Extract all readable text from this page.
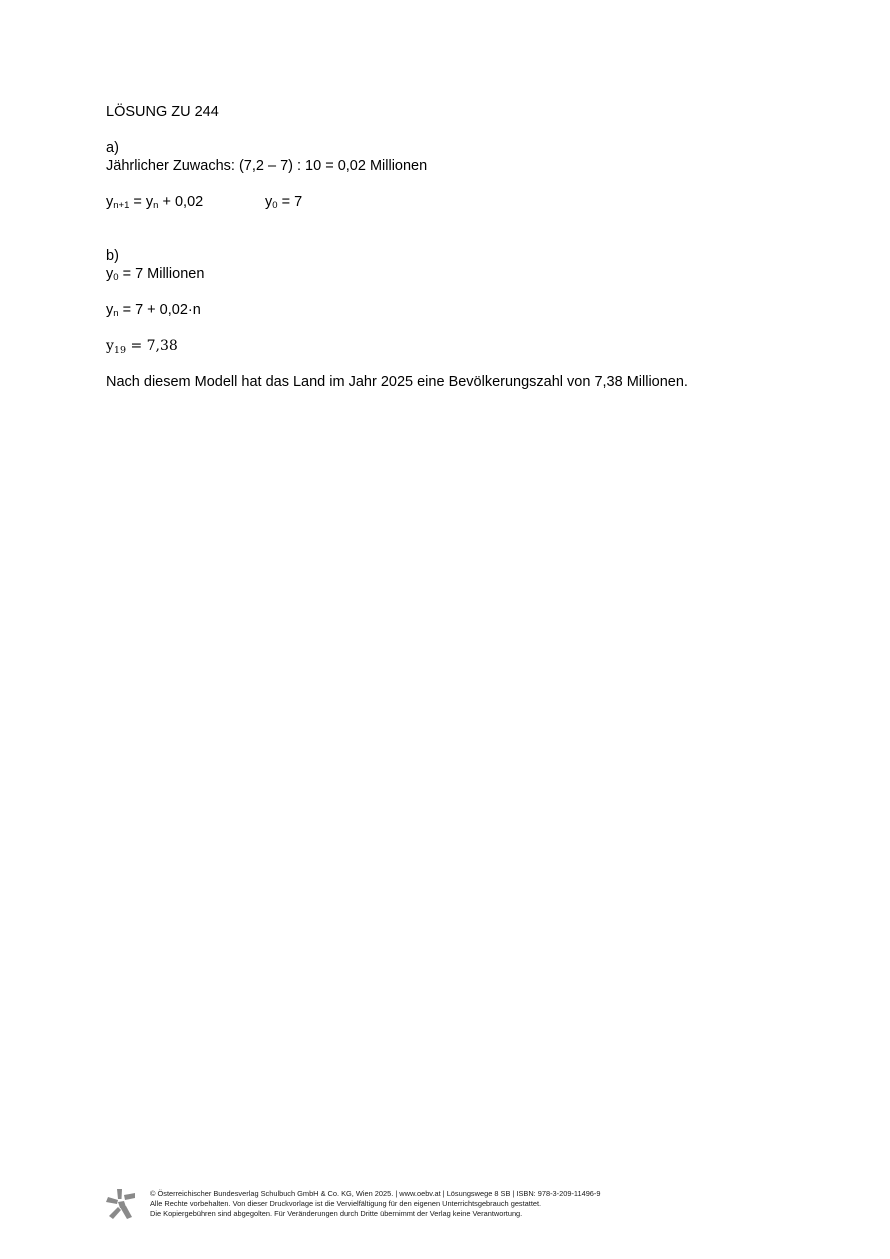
LÖSUNG ZU 244
a)
Jährlicher Zuwachs: (7,2 – 7) : 10 = 0,02 Millionen
yn+1 = yn + 0,02	y0 = 7
b)
y0 = 7 Millionen
yn = 7 + 0,02·n
$y_{19} = 7,38$
Nach diesem Modell hat das Land im Jahr 2025 eine Bevölkerungszahl von 7,38 Millionen.
© Österreichischer Bundesverlag Schulbuch GmbH & Co. KG, Wien 2025. | www.oebv.at | Lösungswege 8 SB | ISBN: 978-3-209-11496-9
Alle Rechte vorbehalten. Von dieser Druckvorlage ist die Vervielfältigung für den eigenen Unterrichtsgebrauch gestattet.
Die Kopiergebühren sind abgegolten. Für Veränderungen durch Dritte übernimmt der Verlag keine Verantwortung.
